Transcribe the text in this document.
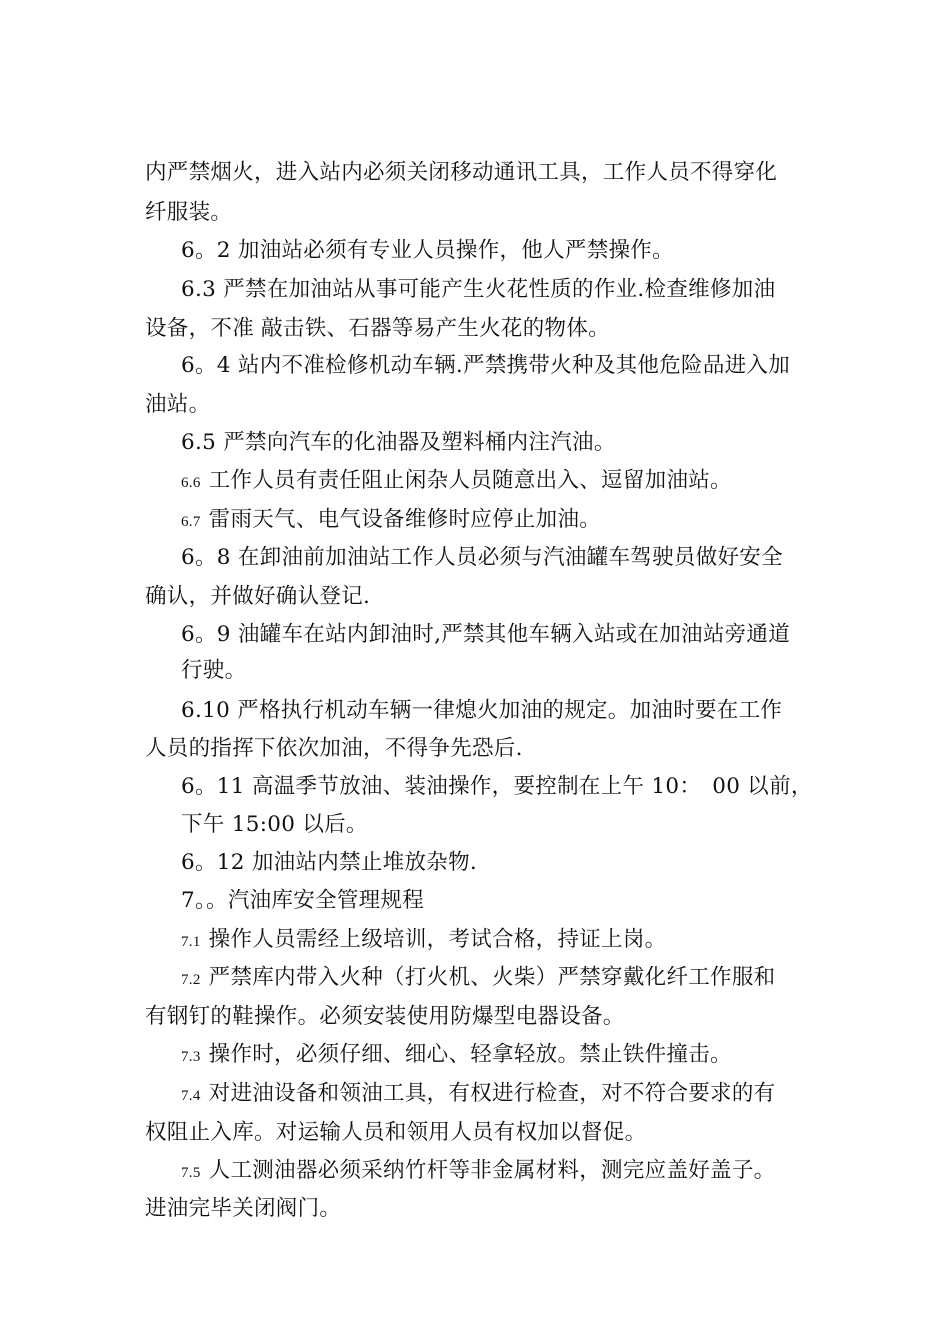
内严禁烟火，进入站内必须关闭移动通讯工具，工作人员不得穿化
纤服装。
6。2 加油站必须有专业人员操作，他人严禁操作。
6.3 严禁在加油站从事可能产生火花性质的作业.检查维修加油
设备，不准 敲击铁、石器等易产生火花的物体。
6。4 站内不准检修机动车辆.严禁携带火种及其他危险品进入加
油站。
6.5 严禁向汽车的化油器及塑料桶内注汽油。
6.6 工作人员有责任阻止闲杂人员随意出入、逗留加油站。
6.7 雷雨天气、电气设备维修时应停止加油。
6。8 在卸油前加油站工作人员必须与汽油罐车驾驶员做好安全
确认，并做好确认登记.
6。9 油罐车在站内卸油时,严禁其他车辆入站或在加油站旁通道
行驶。
6.10 严格执行机动车辆一律熄火加油的规定。加油时要在工作
人员的指挥下依次加油，不得争先恐后.
6。11 高温季节放油、装油操作，要控制在上午 10：　00 以前，
下午 15:00 以后。
6。12 加油站内禁止堆放杂物.
7。。汽油库安全管理规程
7.1 操作人员需经上级培训，考试合格，持证上岗。
7.2 严禁库内带入火种（打火机、火柴）严禁穿戴化纤工作服和
有钢钉的鞋操作。必须安装使用防爆型电器设备。
7.3 操作时，必须仔细、细心、轻拿轻放。禁止铁件撞击。
7.4 对进油设备和领油工具，有权进行检查，对不符合要求的有
权阻止入库。对运输人员和领用人员有权加以督促。
7.5 人工测油器必须采纳竹杆等非金属材料，测完应盖好盖子。
进油完毕关闭阀门。
